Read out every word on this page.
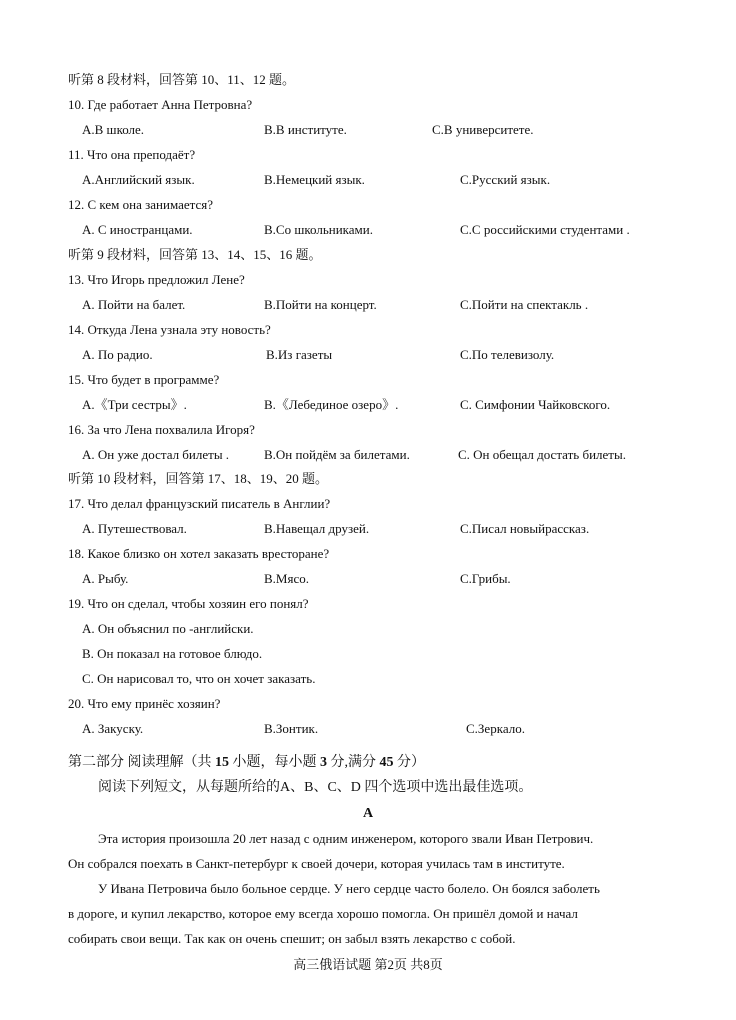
听第 8 段材料，回答第 10、11、12 题。
10. Где работает Анна Петровна?
A.В школе.	B.В институте.	C.В университете.
11. Что она преподаёт?
A.Английский язык.	B.Немецкий язык.	C.Русский язык.
12. С кем она занимается?
A. С иностранцами.	B.Со школьниками.	C.С российскими студентами .
听第 9 段材料，回答第 13、14、15、16 题。
13. Что Игорь предложил Лене?
A. Пойти на балет.	B.Пойти на концерт.	C.Пойти на спектакль .
14. Откуда Лена узнала эту новость?
A. По радио.	B.Из газеты	C.По телевизолу.
15. Что будет в программе?
A.《Три сестры》.	B.《Лебединое озеро》.	C. Симфонии Чайковского.
16. За что Лена похвалила Игоря?
A. Он уже достал билеты .	B.Он пойдём за билетами.	C. Он обещал достать билеты.
听第 10 段材料，回答第 17、18、19、20 题。
17. Что делал французский писатель в Англии?
A. Путешествовал.	B.Навещал друзей.	C.Писал новыйрассказ.
18. Какое близко он хотел заказать вресторане?
A. Рыбу.	B.Мясо.	C.Грибы.
19. Что он сделал, чтобы хозяин его понял?
A. Он объяснил по -английски.
B. Он показал на готовое блюдо.
C. Он нарисовал то, что он хочет заказать.
20. Что ему принёс хозяин?
A. Закуску.	B.Зонтик.	C.Зеркало.
第二部分 阅读理解（共 15 小题，每小题 3 分,满分 45 分）
阅读下列短文，从每题所给的A、B、C、D 四个选项中选出最佳选项。
A
Эта история произошла 20 лет назад с одним инженером, которого звали Иван Петрович.
Он собрался поехать в Санкт-петербург к своей дочери, которая училась там в институте.
У Ивана Петровича было больное сердце. У него сердце часто болело. Он боялся заболеть
в дороге, и купил лекарство, которое ему всегда хорошо помогла. Он пришёл домой и начал
собирать свои вещи. Так как он очень спешит; он забыл взять лекарство с собой.
高三俄语试题 第2页 共8页
